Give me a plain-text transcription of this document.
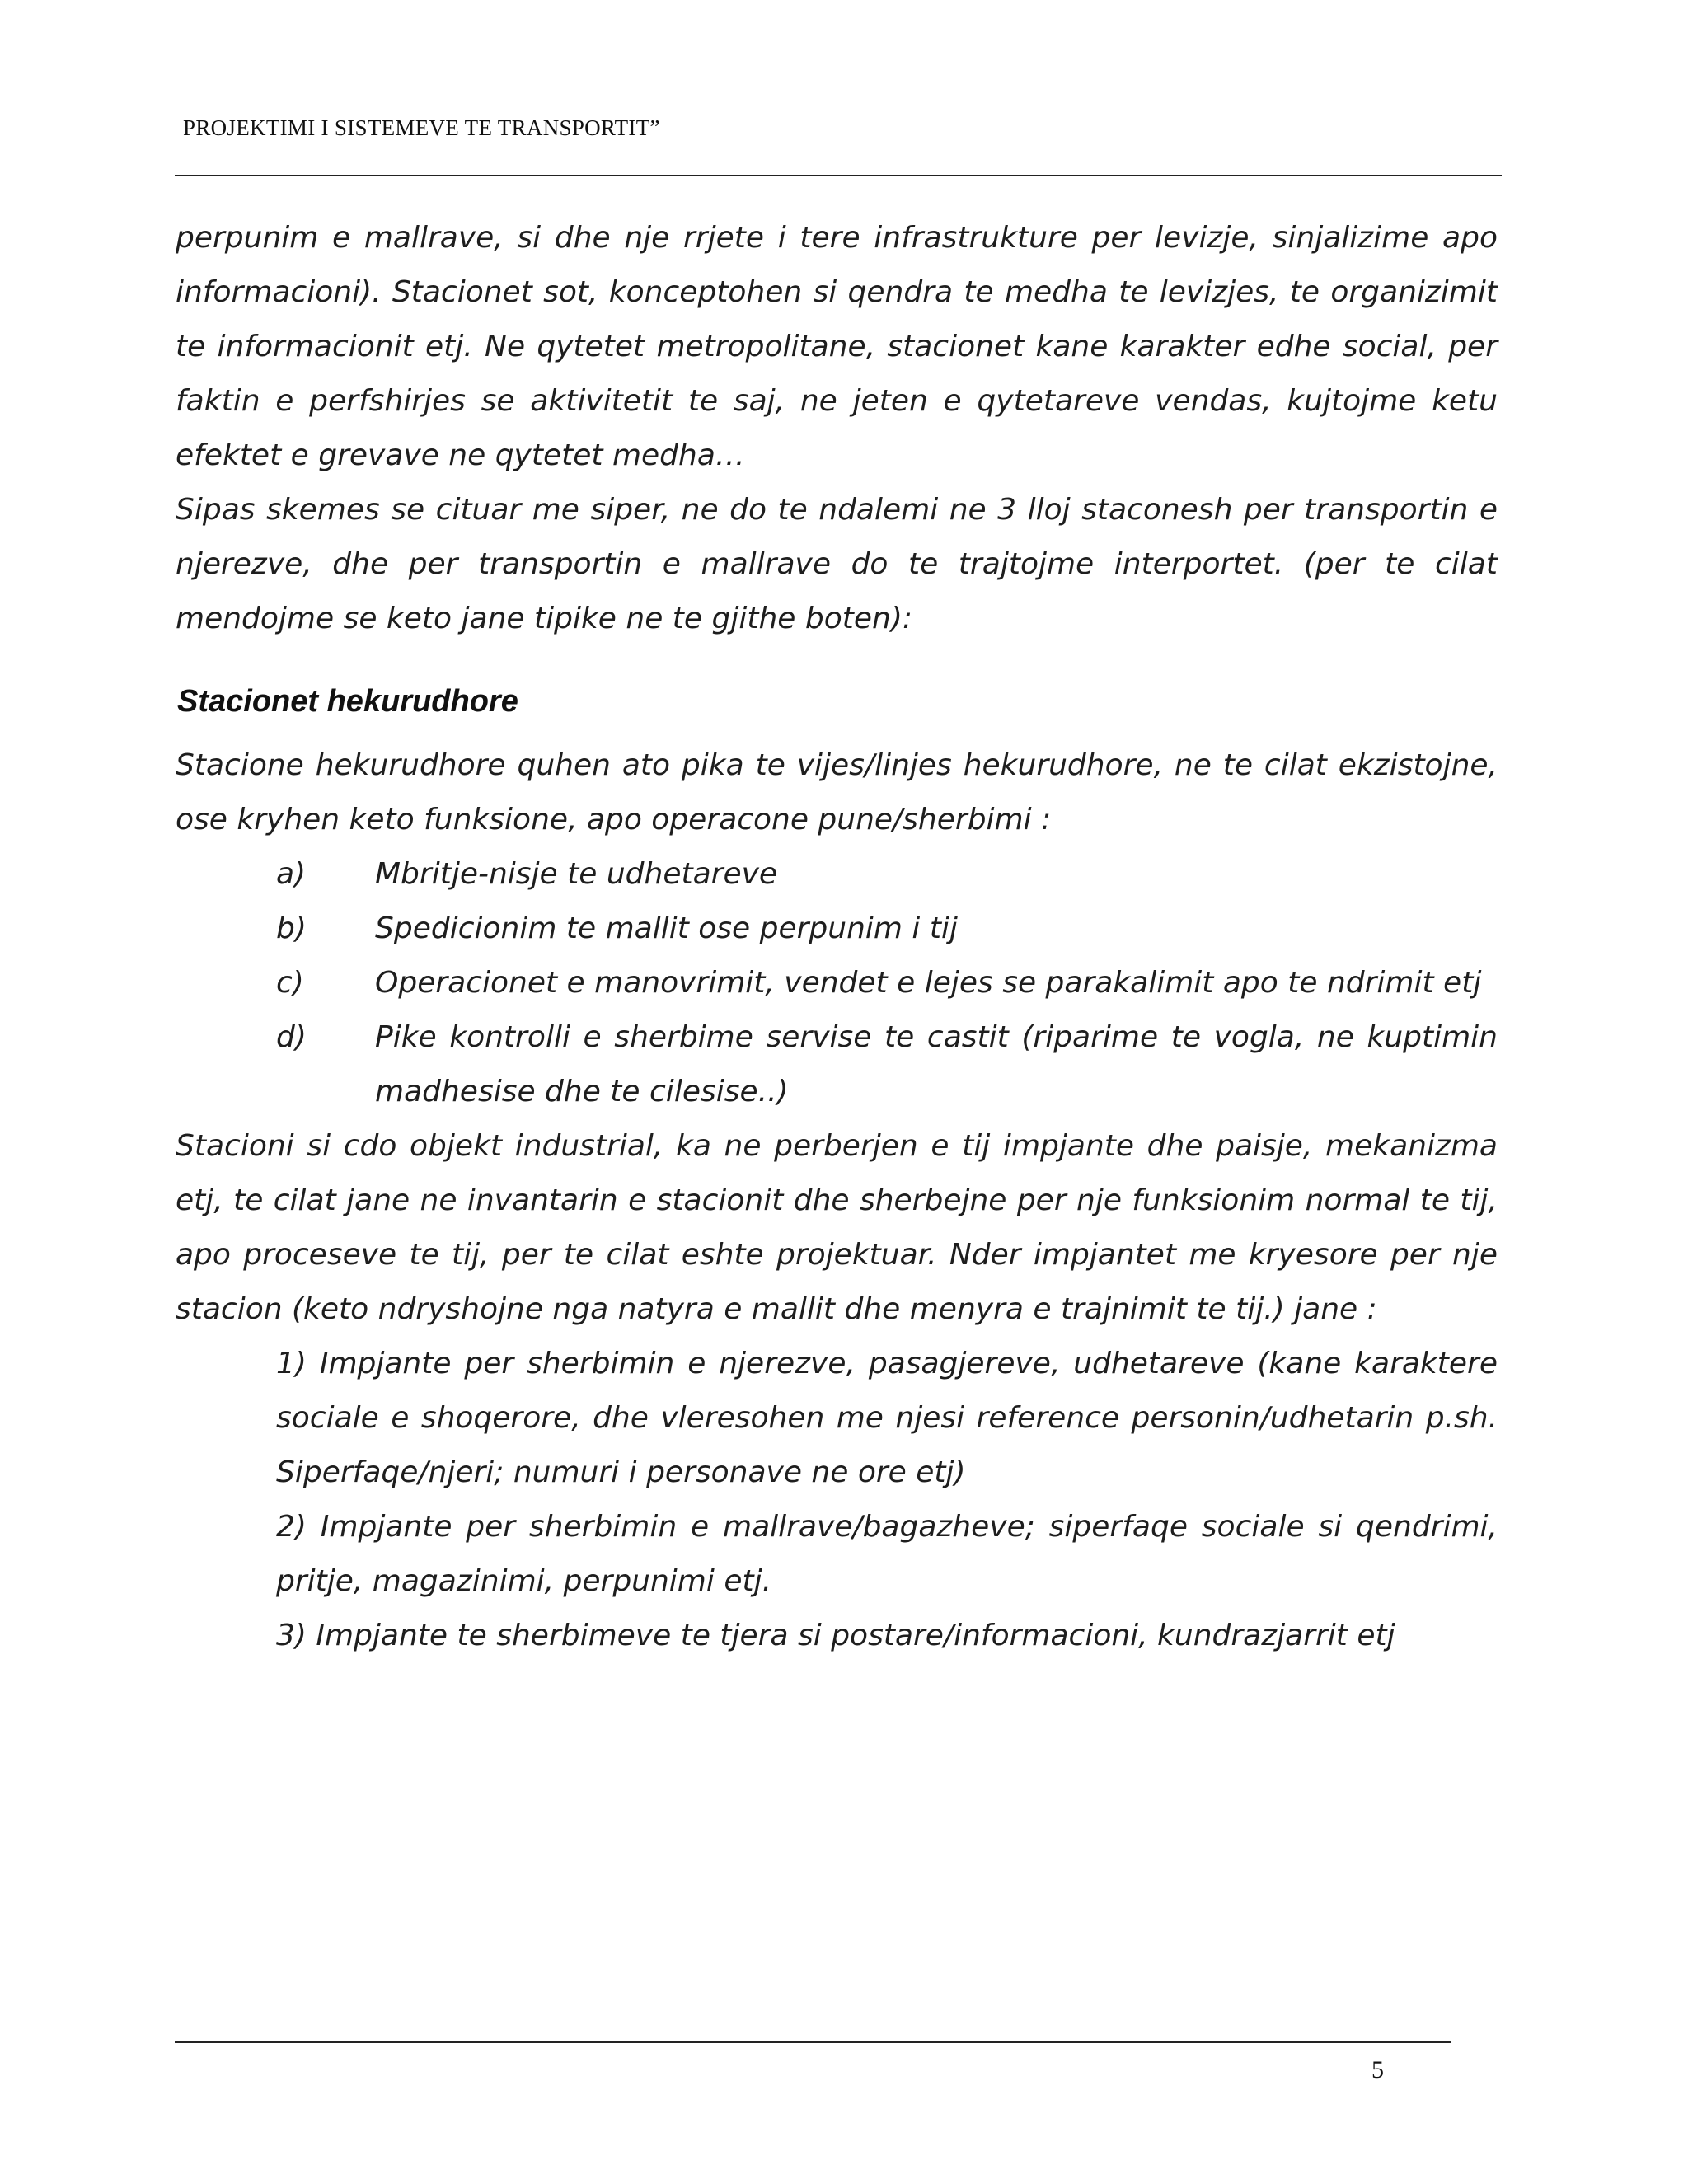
PROJEKTIMI I SISTEMEVE TE TRANSPORTIT”

perpunim e mallrave, si dhe nje rrjete i tere infrastrukture per levizje, sinjalizime apo informacioni). Stacionet sot, konceptohen si qendra te medha te levizjes, te organizimit te informacionit etj. Ne qytetet metropolitane, stacionet kane karakter edhe social, per faktin e perfshirjes se aktivitetit te saj, ne jeten e qytetareve vendas, kujtojme ketu efektet e grevave ne qytetet medha…

Sipas skemes se cituar me siper, ne do te ndalemi ne 3 lloj staconesh per transportin e njerezve, dhe per transportin e mallrave do te trajtojme interportet. (per te cilat mendojme se keto jane tipike ne te gjithe boten):

Stacionet hekurudhore

Stacione hekurudhore quhen ato pika te vijes/linjes hekurudhore, ne te cilat ekzistojne, ose kryhen keto funksione, apo operacone pune/sherbimi :

a)	Mbritje-nisje te udhetareve
b)	Spedicionim te mallit ose perpunim i tij
c)	Operacionet e manovrimit, vendet e lejes se parakalimit apo te ndrimit etj
d)	Pike kontrolli e sherbime servise te castit (riparime te vogla, ne kuptimin madhesise dhe te cilesise..)

Stacioni si cdo objekt industrial, ka ne perberjen e tij impjante dhe paisje, mekanizma etj, te cilat jane ne invantarin e stacionit dhe sherbejne per nje funksionim normal te tij, apo proceseve te tij, per te cilat eshte projektuar. Nder impjantet me kryesore per nje stacion (keto ndryshojne nga natyra e mallit dhe menyra e trajnimit te tij.) jane :

1) Impjante per sherbimin e njerezve, pasagjereve, udhetareve (kane karaktere sociale e shoqerore, dhe vleresohen me njesi reference personin/udhetarin p.sh. Siperfaqe/njeri; numuri i personave ne ore etj)

2) Impjante per sherbimin e mallrave/bagazheve; siperfaqe sociale si qendrimi, pritje, magazinimi, perpunimi etj.

3) Impjante te sherbimeve te tjera si postare/informacioni, kundrazjarrit etj

5
